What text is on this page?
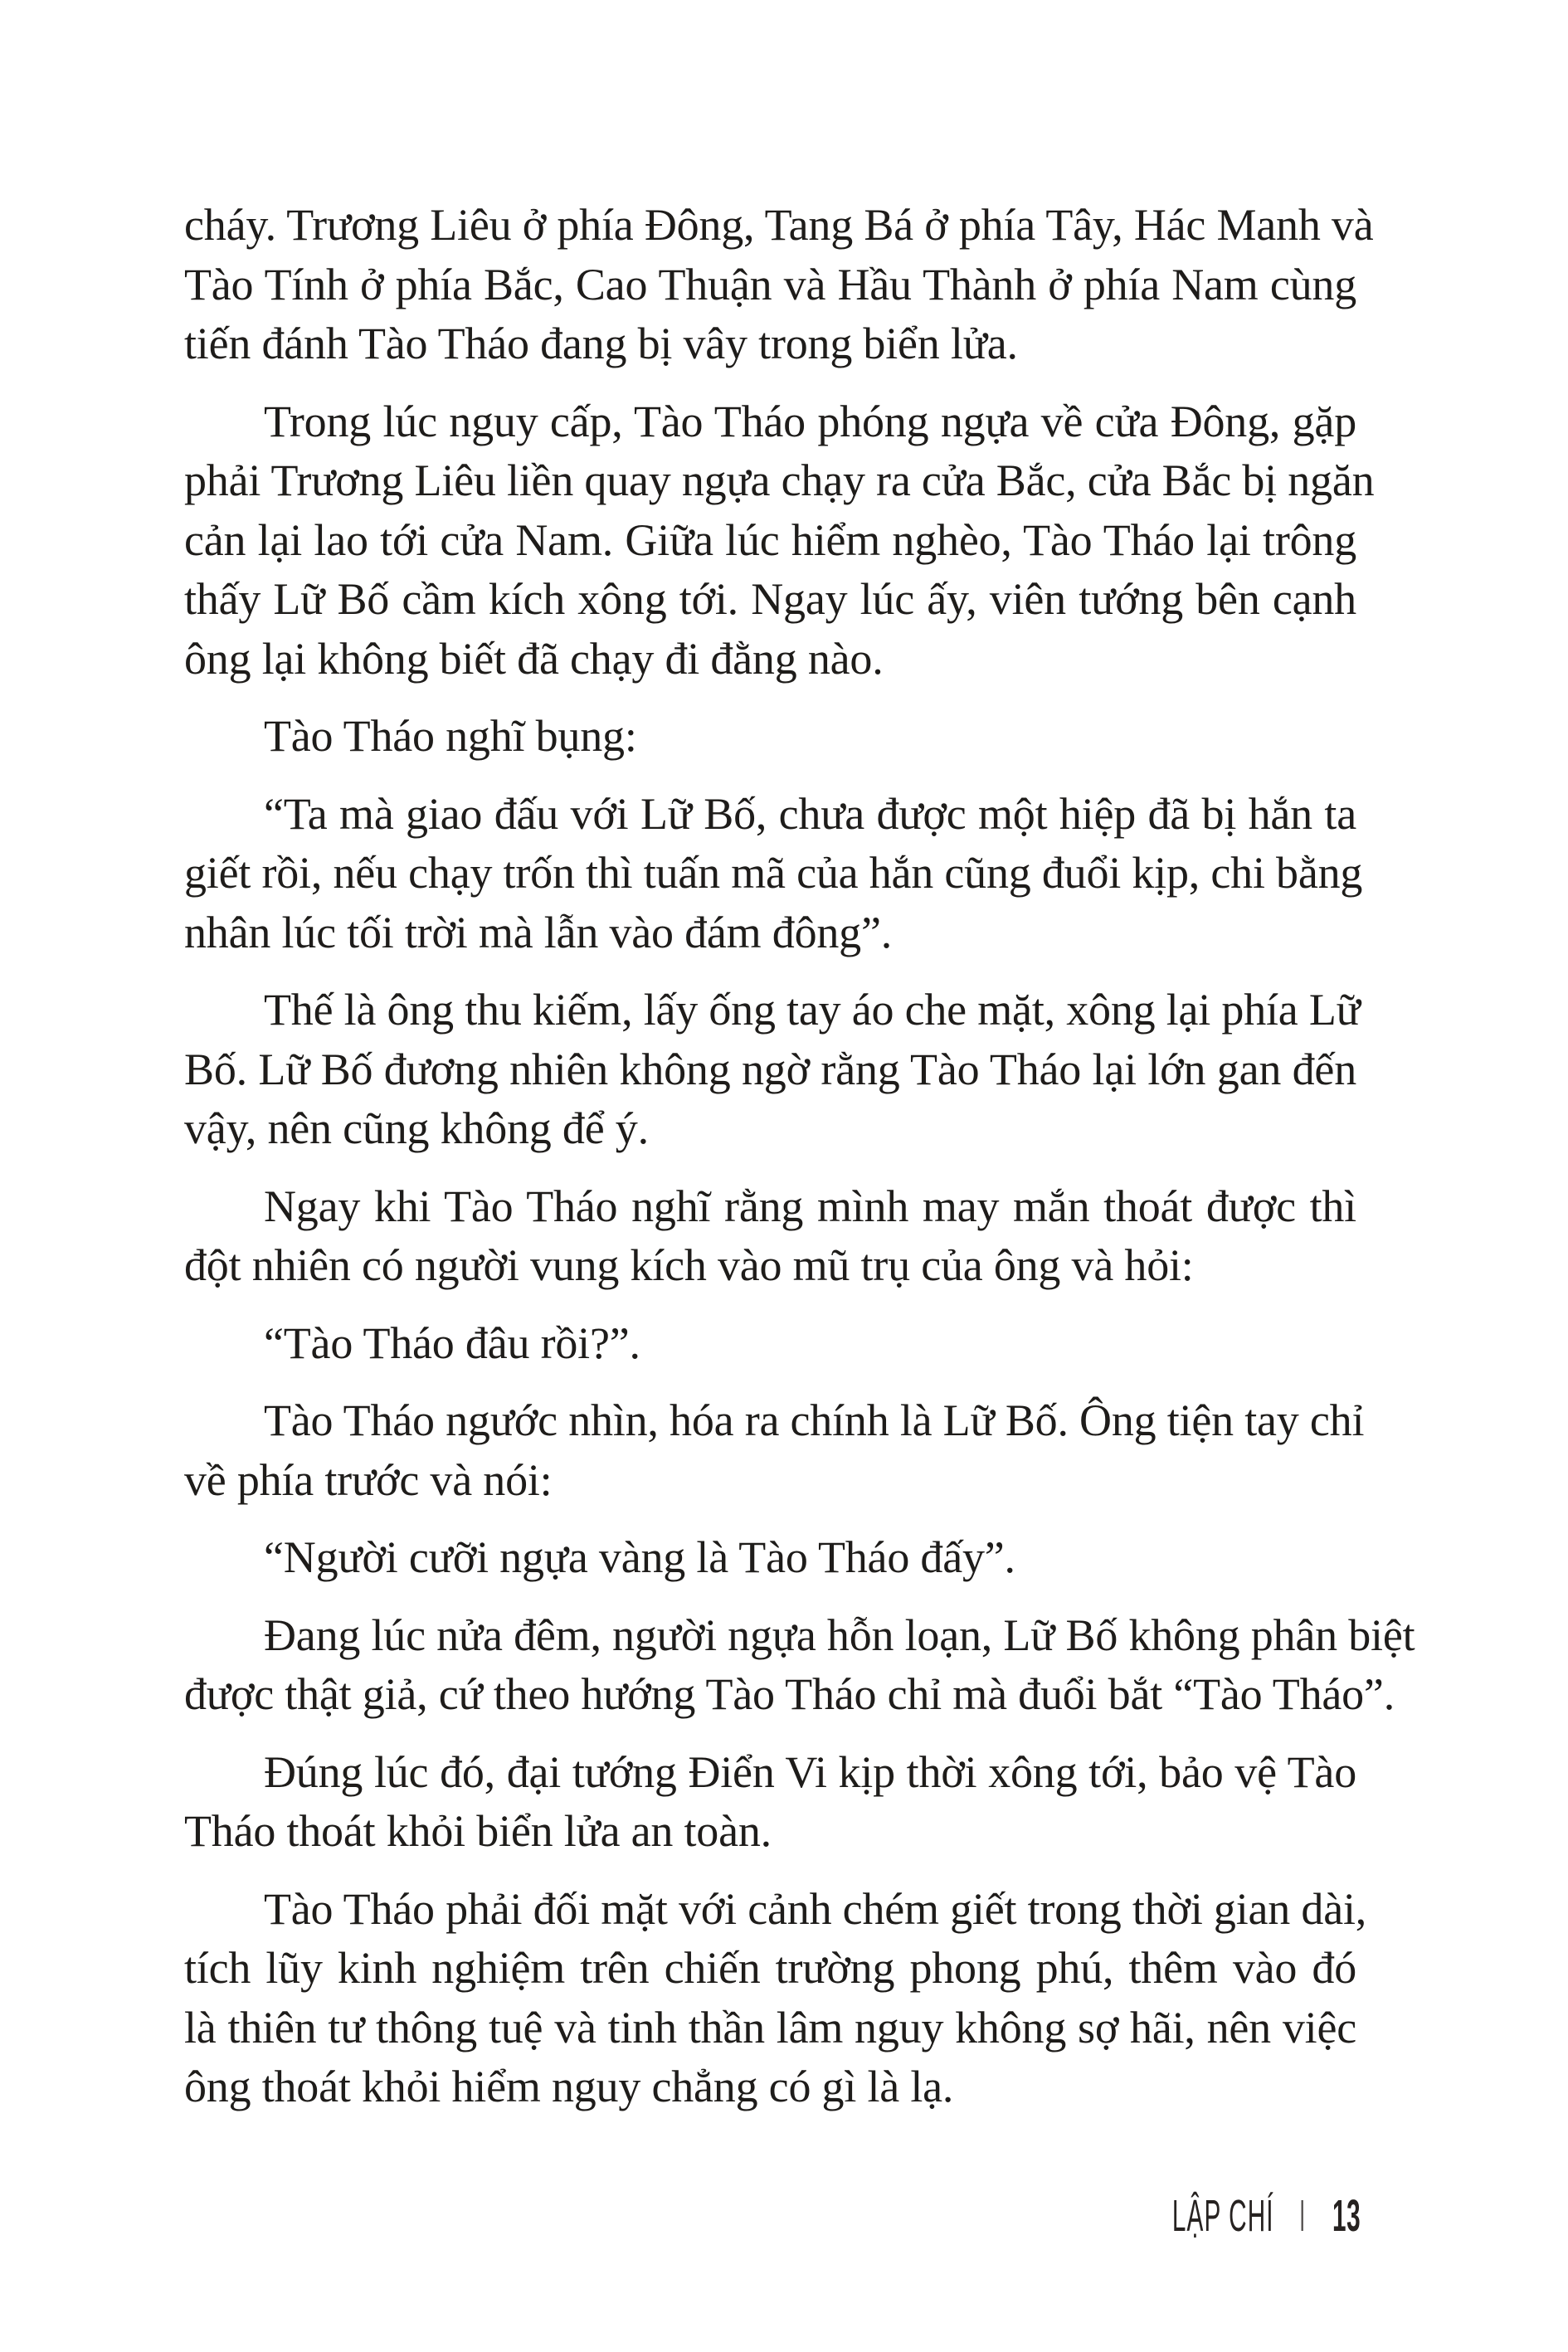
cháy. Trương Liêu ở phía Đông, Tang Bá ở phía Tây, Hác Manh và
Tào Tính ở phía Bắc, Cao Thuận và Hầu Thành ở phía Nam cùng
tiến đánh Tào Tháo đang bị vây trong biển lửa.
Trong lúc nguy cấp, Tào Tháo phóng ngựa về cửa Đông, gặp
phải Trương Liêu liền quay ngựa chạy ra cửa Bắc, cửa Bắc bị ngăn
cản lại lao tới cửa Nam. Giữa lúc hiểm nghèo, Tào Tháo lại trông
thấy Lữ Bố cầm kích xông tới. Ngay lúc ấy, viên tướng bên cạnh
ông lại không biết đã chạy đi đằng nào.
Tào Tháo nghĩ bụng:
“Ta mà giao đấu với Lữ Bố, chưa được một hiệp đã bị hắn ta
giết rồi, nếu chạy trốn thì tuấn mã của hắn cũng đuổi kịp, chi bằng
nhân lúc tối trời mà lẫn vào đám đông”.
Thế là ông thu kiếm, lấy ống tay áo che mặt, xông lại phía Lữ
Bố. Lữ Bố đương nhiên không ngờ rằng Tào Tháo lại lớn gan đến
vậy, nên cũng không để ý.
Ngay khi Tào Tháo nghĩ rằng mình may mắn thoát được thì
đột nhiên có người vung kích vào mũ trụ của ông và hỏi:
“Tào Tháo đâu rồi?”.
Tào Tháo ngước nhìn, hóa ra chính là Lữ Bố. Ông tiện tay chỉ
về phía trước và nói:
“Người cưỡi ngựa vàng là Tào Tháo đấy”.
Đang lúc nửa đêm, người ngựa hỗn loạn, Lữ Bố không phân biệt
được thật giả, cứ theo hướng Tào Tháo chỉ mà đuổi bắt “Tào Tháo”.
Đúng lúc đó, đại tướng Điển Vi kịp thời xông tới, bảo vệ Tào
Tháo thoát khỏi biển lửa an toàn.
Tào Tháo phải đối mặt với cảnh chém giết trong thời gian dài,
tích lũy kinh nghiệm trên chiến trường phong phú, thêm vào đó
là thiên tư thông tuệ và tinh thần lâm nguy không sợ hãi, nên việc
ông thoát khỏi hiểm nguy chẳng có gì là lạ.
LẬP CHÍ 13
